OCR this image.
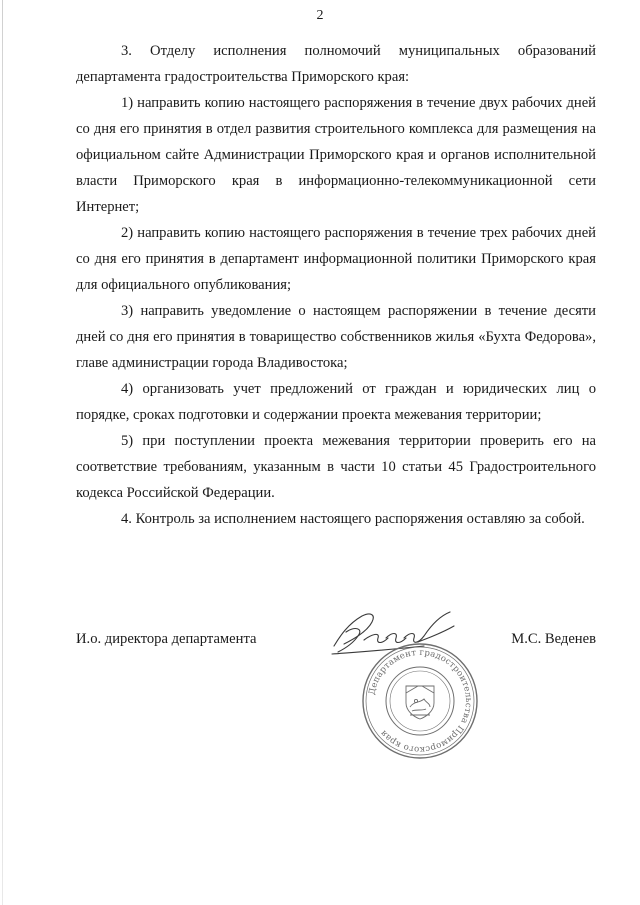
2

3. Отделу исполнения полномочий муниципальных образований департамента градостроительства Приморского края:

1) направить копию настоящего распоряжения в течение двух рабочих дней со дня его принятия в отдел развития строительного комплекса для размещения на официальном сайте Администрации Приморского края и органов исполнительной власти Приморского края в информационно-телекоммуникационной сети Интернет;

2) направить копию настоящего распоряжения в течение трех рабочих дней со дня его принятия в департамент информационной политики Приморского края для официального опубликования;

3) направить уведомление о настоящем распоряжении в течение десяти дней со дня его принятия в товарищество собственников жилья «Бухта Федорова», главе администрации города Владивостока;

4) организовать учет предложений от граждан и юридических лиц о порядке, сроках подготовки и содержании проекта межевания территории;

5) при поступлении проекта межевания территории проверить его на соответствие требованиям, указанным в части 10 статьи 45 Градостроительного кодекса Российской Федерации.

4. Контроль за исполнением настоящего распоряжения оставляю за собой.

И.о. директора департамента	М.С. Веденев
Департамент градостроительства Приморского края
